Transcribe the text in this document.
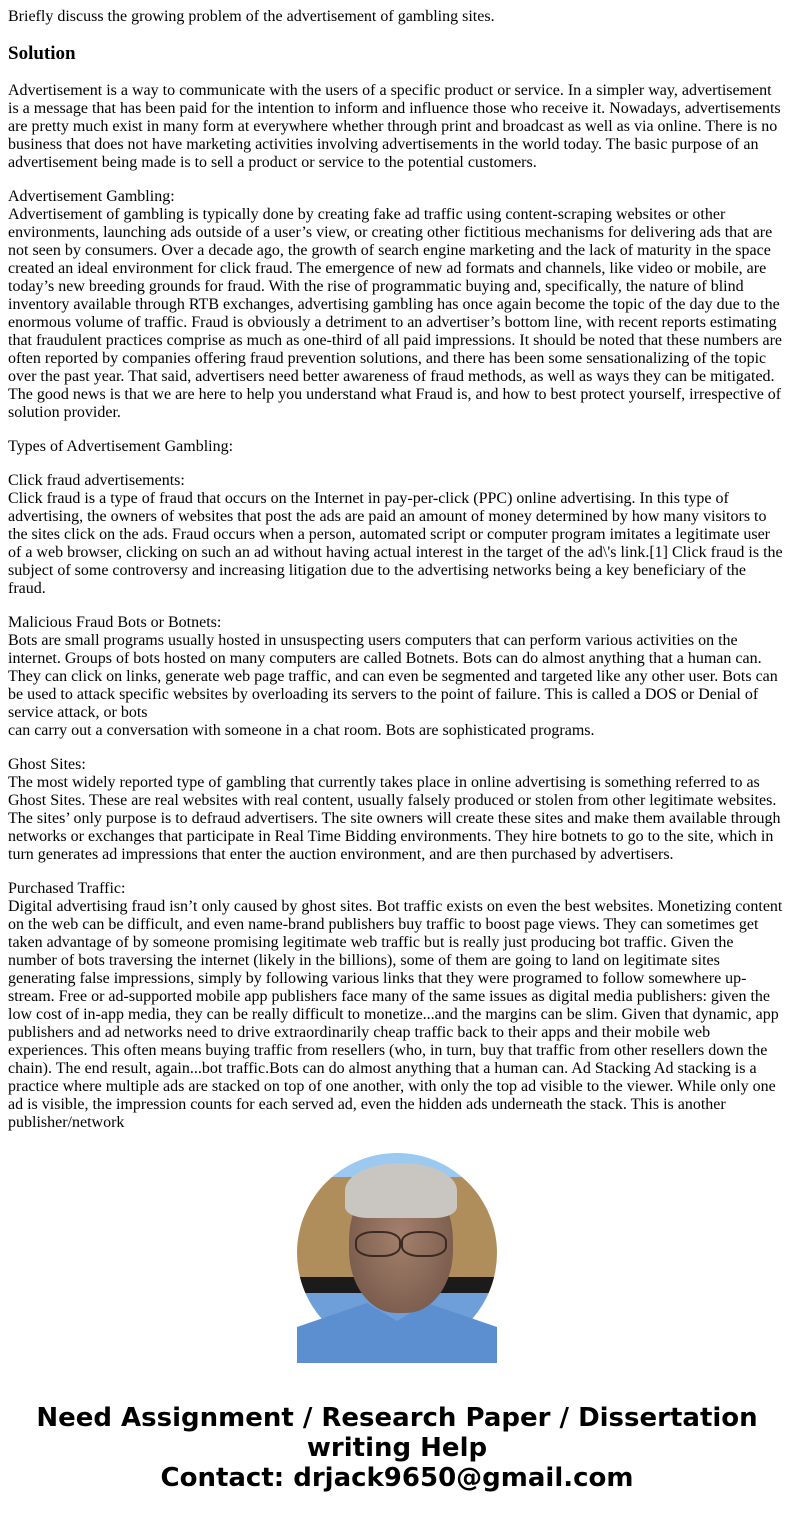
Briefly discuss the growing problem of the advertisement of gambling sites.

Solution

Advertisement is a way to communicate with the users of a specific product or service. In a simpler way, advertisement is a message that has been paid for the intention to inform and influence those who receive it. Nowadays, advertisements are pretty much exist in many form at everywhere whether through print and broadcast as well as via online. There is no business that does not have marketing activities involving advertisements in the world today. The basic purpose of an advertisement being made is to sell a product or service to the potential customers.

Advertisement Gambling:
Advertisement of gambling is typically done by creating fake ad traffic using content-scraping websites or other environments, launching ads outside of a user’s view, or creating other fictitious mechanisms for delivering ads that are not seen by consumers. Over a decade ago, the growth of search engine marketing and the lack of maturity in the space created an ideal environment for click fraud. The emergence of new ad formats and channels, like video or mobile, are today’s new breeding grounds for fraud. With the rise of programmatic buying and, specifically, the nature of blind inventory available through RTB exchanges, advertising gambling has once again become the topic of the day due to the enormous volume of traffic. Fraud is obviously a detriment to an advertiser’s bottom line, with recent reports estimating that fraudulent practices comprise as much as one-third of all paid impressions. It should be noted that these numbers are often reported by companies offering fraud prevention solutions, and there has been some sensationalizing of the topic over the past year. That said, advertisers need better awareness of fraud methods, as well as ways they can be mitigated. The good news is that we are here to help you understand what Fraud is, and how to best protect yourself, irrespective of solution provider.

Types of Advertisement Gambling:

Click fraud advertisements:
Click fraud is a type of fraud that occurs on the Internet in pay-per-click (PPC) online advertising. In this type of advertising, the owners of websites that post the ads are paid an amount of money determined by how many visitors to the sites click on the ads. Fraud occurs when a person, automated script or computer program imitates a legitimate user of a web browser, clicking on such an ad without having actual interest in the target of the ad\'s link.[1] Click fraud is the subject of some controversy and increasing litigation due to the advertising networks being a key beneficiary of the fraud.

Malicious Fraud Bots or Botnets:
Bots are small programs usually hosted in unsuspecting users computers that can perform various activities on the internet. Groups of bots hosted on many computers are called Botnets. Bots can do almost anything that a human can. They can click on links, generate web page traffic, and can even be segmented and targeted like any other user. Bots can be used to attack specific websites by overloading its servers to the point of failure. This is called a DOS or Denial of service attack, or bots
can carry out a conversation with someone in a chat room. Bots are sophisticated programs.

Ghost Sites:
The most widely reported type of gambling that currently takes place in online advertising is something referred to as Ghost Sites. These are real websites with real content, usually falsely produced or stolen from other legitimate websites. The sites’ only purpose is to defraud advertisers. The site owners will create these sites and make them available through networks or exchanges that participate in Real Time Bidding environments. They hire botnets to go to the site, which in turn generates ad impressions that enter the auction environment, and are then purchased by advertisers.

Purchased Traffic:
Digital advertising fraud isn’t only caused by ghost sites. Bot traffic exists on even the best websites. Monetizing content on the web can be difficult, and even name-brand publishers buy traffic to boost page views. They can sometimes get taken advantage of by someone promising legitimate web traffic but is really just producing bot traffic. Given the number of bots traversing the internet (likely in the billions), some of them are going to land on legitimate sites generating false impressions, simply by following various links that they were programed to follow somewhere up-stream. Free or ad-supported mobile app publishers face many of the same issues as digital media publishers: given the low cost of in-app media, they can be really difficult to monetize...and the margins can be slim. Given that dynamic, app publishers and ad networks need to drive extraordinarily cheap traffic back to their apps and their mobile web experiences. This often means buying traffic from resellers (who, in turn, buy that traffic from other resellers down the chain). The end result, again...bot traffic.Bots can do almost anything that a human can. Ad Stacking Ad stacking is a practice where multiple ads are stacked on top of one another, with only the top ad visible to the viewer. While only one ad is visible, the impression counts for each served ad, even the hidden ads underneath the stack. This is another publisher/network

Need Assignment / Research Paper / Dissertation writing Help
Contact: drjack9650@gmail.com
